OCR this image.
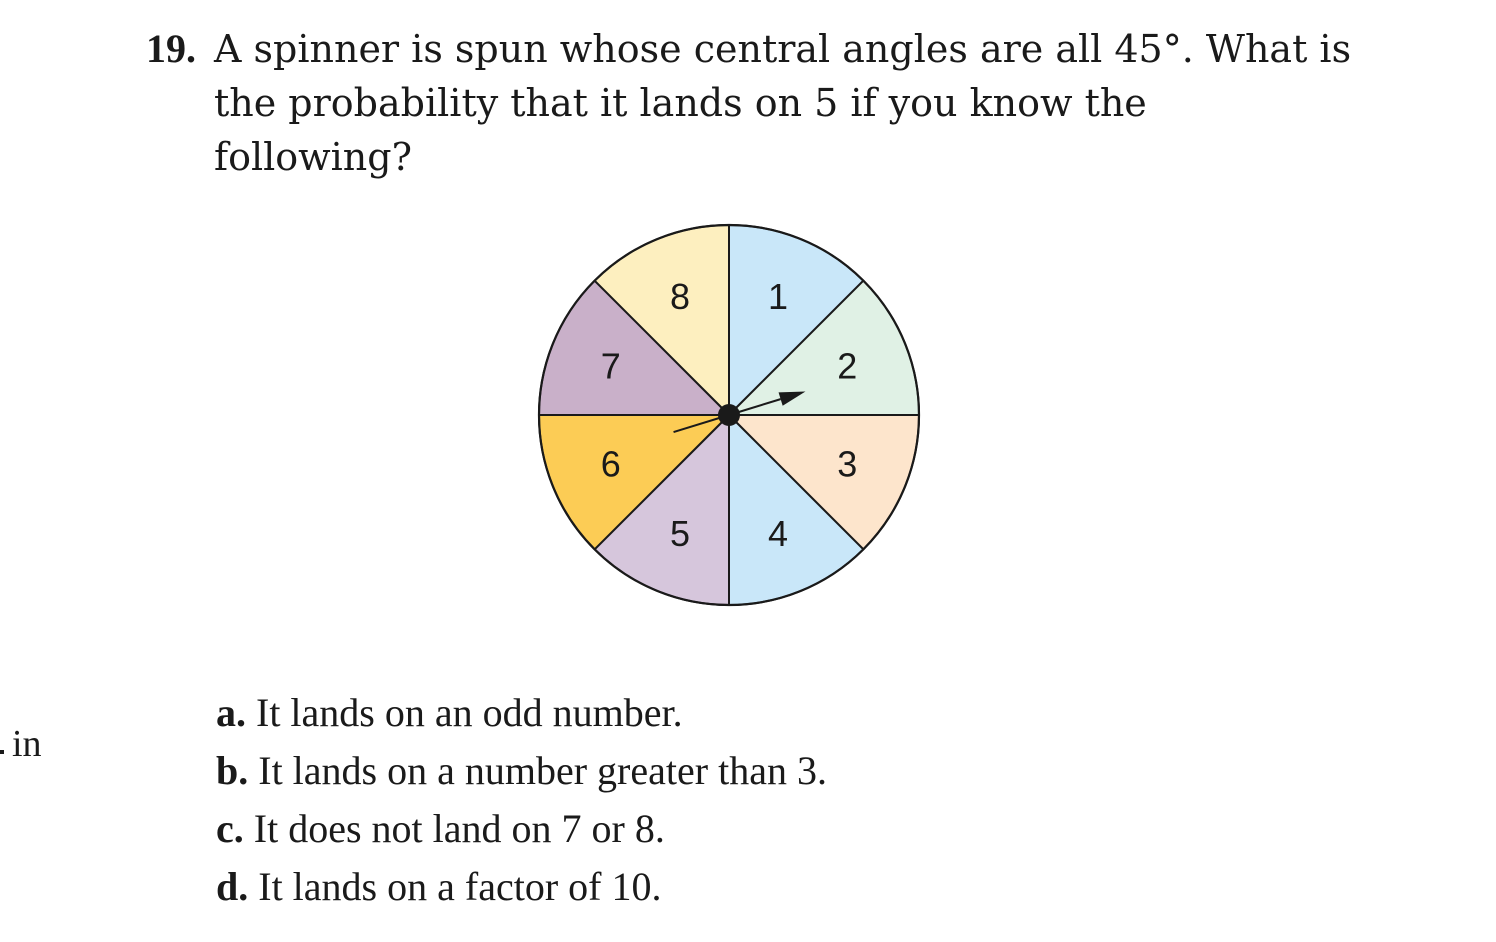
in
19. A spinner is spun whose central angles are all 45°. What is the probability that it lands on 5 if you know the following?
1
2
3
4
5
6
7
8
a. It lands on an odd number.
b. It lands on a number greater than 3.
c. It does not land on 7 or 8.
d. It lands on a factor of 10.
